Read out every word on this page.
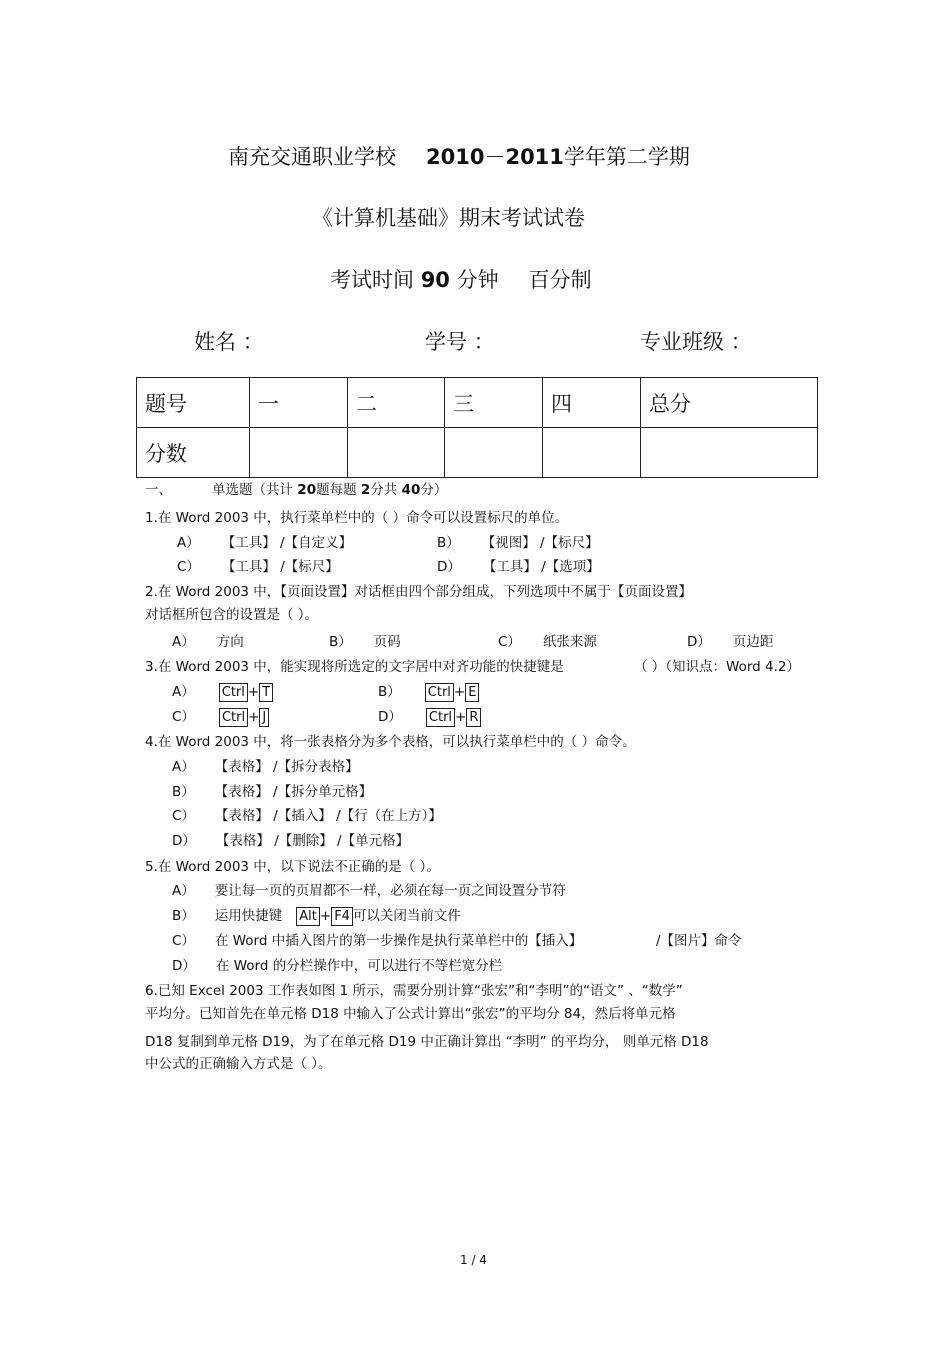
南充交通职业学校 2010－2011学年第二学期
《计算机基础》期末考试试卷
考试时间 90 分钟 百分制
姓名 ：	学号 ：	专业班级 ：
题号	一	二	三	四	总分
分数					
一、	单选题（共计 20题每题 2分共 40分）
1.在 Word 2003 中，执行菜单栏中的（ ）命令可以设置标尺的单位。
A） 【工具】 /【自定义】	B） 【视图】 /【标尺】
C） 【工具】 /【标尺】	D） 【工具】 /【选项】
2.在 Word 2003 中，【页面设置】对话框由四个部分组成，下列选项中不属于【页面设置】
对话框所包含的设置是（ ）。
A） 方向	B） 页码	C） 纸张来源	D） 页边距
3.在 Word 2003 中，能实现将所选定的文字居中对齐功能的快捷键是	（ ）（知识点：Word 4.2）
A） Ctrl + T	B） Ctrl + E
C） Ctrl + J	D） Ctrl + R
4.在 Word 2003 中，将一张表格分为多个表格，可以执行菜单栏中的（ ）命令。
A） 【表格】 /【拆分表格】
B） 【表格】 /【拆分单元格】
C） 【表格】 /【插入】 /【行（在上方）】
D） 【表格】 /【删除】 /【单元格】
5.在 Word 2003 中，以下说法不正确的是（ ）。
A） 要让每一页的页眉都不一样，必须在每一页之间设置分节符
B） 运用快捷键 Alt + F4 可以关闭当前文件
C） 在 Word 中插入图片的第一步操作是执行菜单栏中的【插入】	/【图片】命令
D） 在 Word 的分栏操作中，可以进行不等栏宽分栏
6.已知 Excel 2003 工作表如图 1 所示，需要分别计算“张宏”和“李明”的“语文” 、“数学”
平均分。已知首先在单元格 D18 中输入了公式计算出“张宏”的平均分 84，然后将单元格
D18 复制到单元格 D19，为了在单元格 D19 中正确计算出 “李明” 的平均分， 则单元格 D18
中公式的正确输入方式是（ ）。
1 / 4
